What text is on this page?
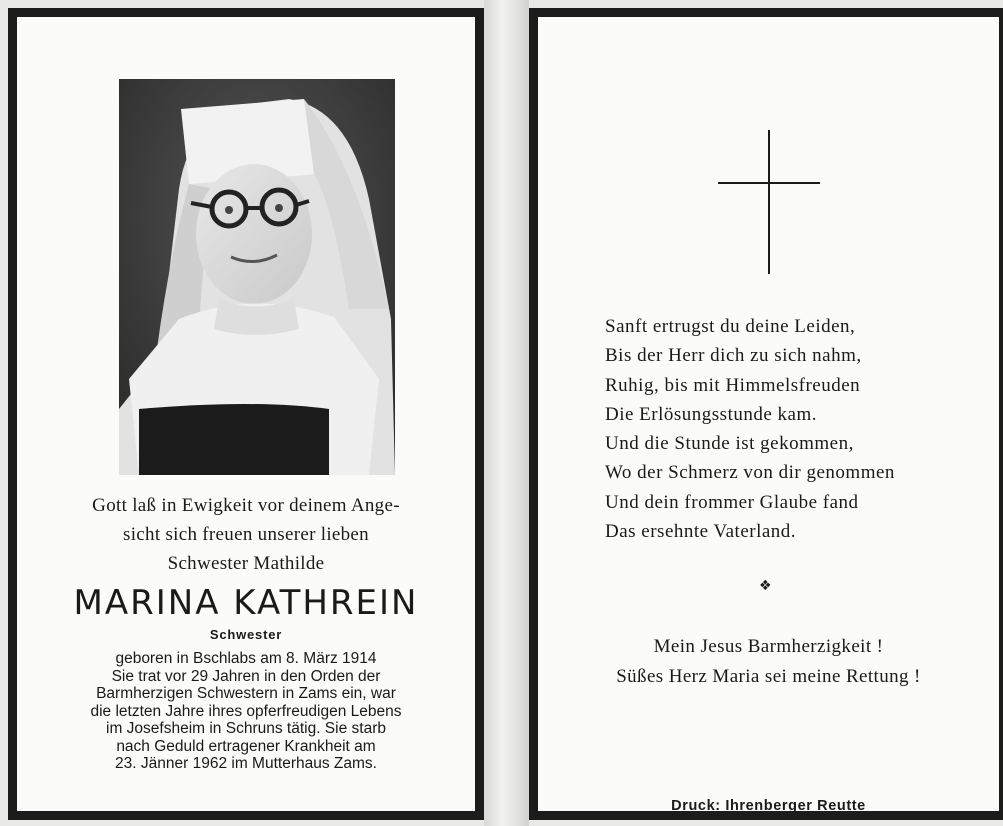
Gott laß in Ewigkeit vor deinem Ange-
sicht sich freuen unserer lieben
Schwester Mathilde
MARINA KATHREIN
Schwester
geboren in Bschlabs am 8. März 1914
Sie trat vor 29 Jahren in den Orden der
Barmherzigen Schwestern in Zams ein, war
die letzten Jahre ihres opferfreudigen Lebens
im Josefsheim in Schruns tätig. Sie starb
nach Geduld ertragener Krankheit am
23. Jänner 1962 im Mutterhaus Zams.
Sanft ertrugst du deine Leiden,
Bis der Herr dich zu sich nahm,
Ruhig, bis mit Himmelsfreuden
Die Erlösungsstunde kam.
Und die Stunde ist gekommen,
Wo der Schmerz von dir genommen
Und dein frommer Glaube fand
Das ersehnte Vaterland.
❖
Mein Jesus Barmherzigkeit !
Süßes Herz Maria sei meine Rettung !
Druck: Ihrenberger Reutte
